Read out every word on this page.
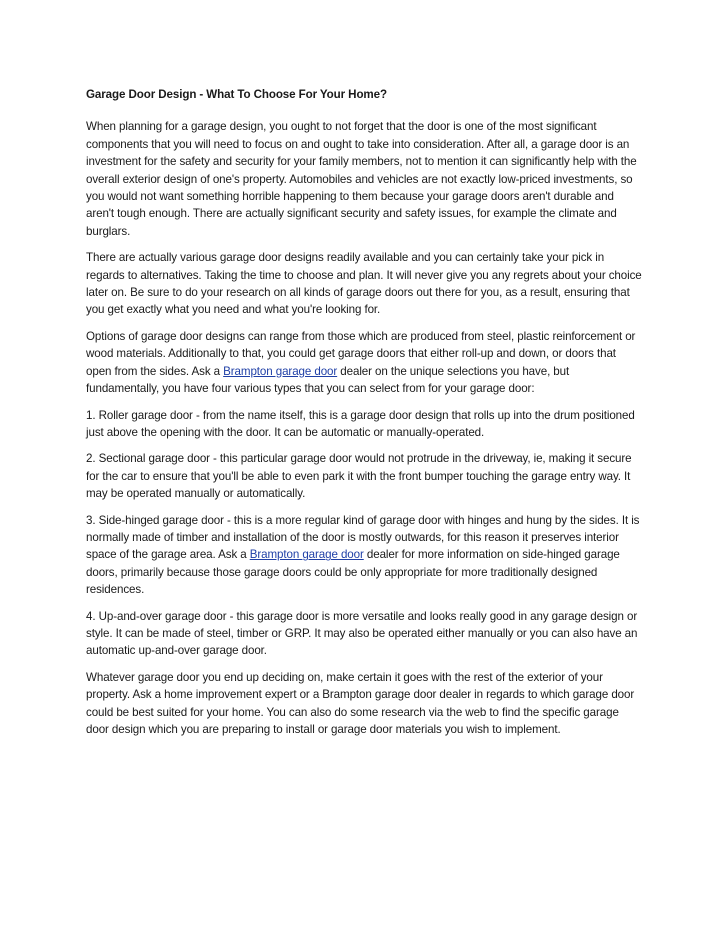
Garage Door Design - What To Choose For Your Home?

When planning for a garage design, you ought to not forget that the door is one of the most significant components that you will need to focus on and ought to take into consideration. After all, a garage door is an investment for the safety and security for your family members, not to mention it can significantly help with the overall exterior design of one's property. Automobiles and vehicles are not exactly low-priced investments, so you would not want something horrible happening to them because your garage doors aren't durable and aren't tough enough. There are actually significant security and safety issues, for example the climate and burglars.

There are actually various garage door designs readily available and you can certainly take your pick in regards to alternatives. Taking the time to choose and plan. It will never give you any regrets about your choice later on. Be sure to do your research on all kinds of garage doors out there for you, as a result, ensuring that you get exactly what you need and what you're looking for.

Options of garage door designs can range from those which are produced from steel, plastic reinforcement or wood materials. Additionally to that, you could get garage doors that either roll-up and down, or doors that open from the sides. Ask a Brampton garage door dealer on the unique selections you have, but fundamentally, you have four various types that you can select from for your garage door:

1. Roller garage door - from the name itself, this is a garage door design that rolls up into the drum positioned just above the opening with the door. It can be automatic or manually-operated.

2. Sectional garage door - this particular garage door would not protrude in the driveway, ie, making it secure for the car to ensure that you'll be able to even park it with the front bumper touching the garage entry way. It may be operated manually or automatically.

3. Side-hinged garage door - this is a more regular kind of garage door with hinges and hung by the sides. It is normally made of timber and installation of the door is mostly outwards, for this reason it preserves interior space of the garage area. Ask a Brampton garage door dealer for more information on side-hinged garage doors, primarily because those garage doors could be only appropriate for more traditionally designed residences.

4. Up-and-over garage door - this garage door is more versatile and looks really good in any garage design or style. It can be made of steel, timber or GRP. It may also be operated either manually or you can also have an automatic up-and-over garage door.

Whatever garage door you end up deciding on, make certain it goes with the rest of the exterior of your property. Ask a home improvement expert or a Brampton garage door dealer in regards to which garage door could be best suited for your home. You can also do some research via the web to find the specific garage door design which you are preparing to install or garage door materials you wish to implement.
